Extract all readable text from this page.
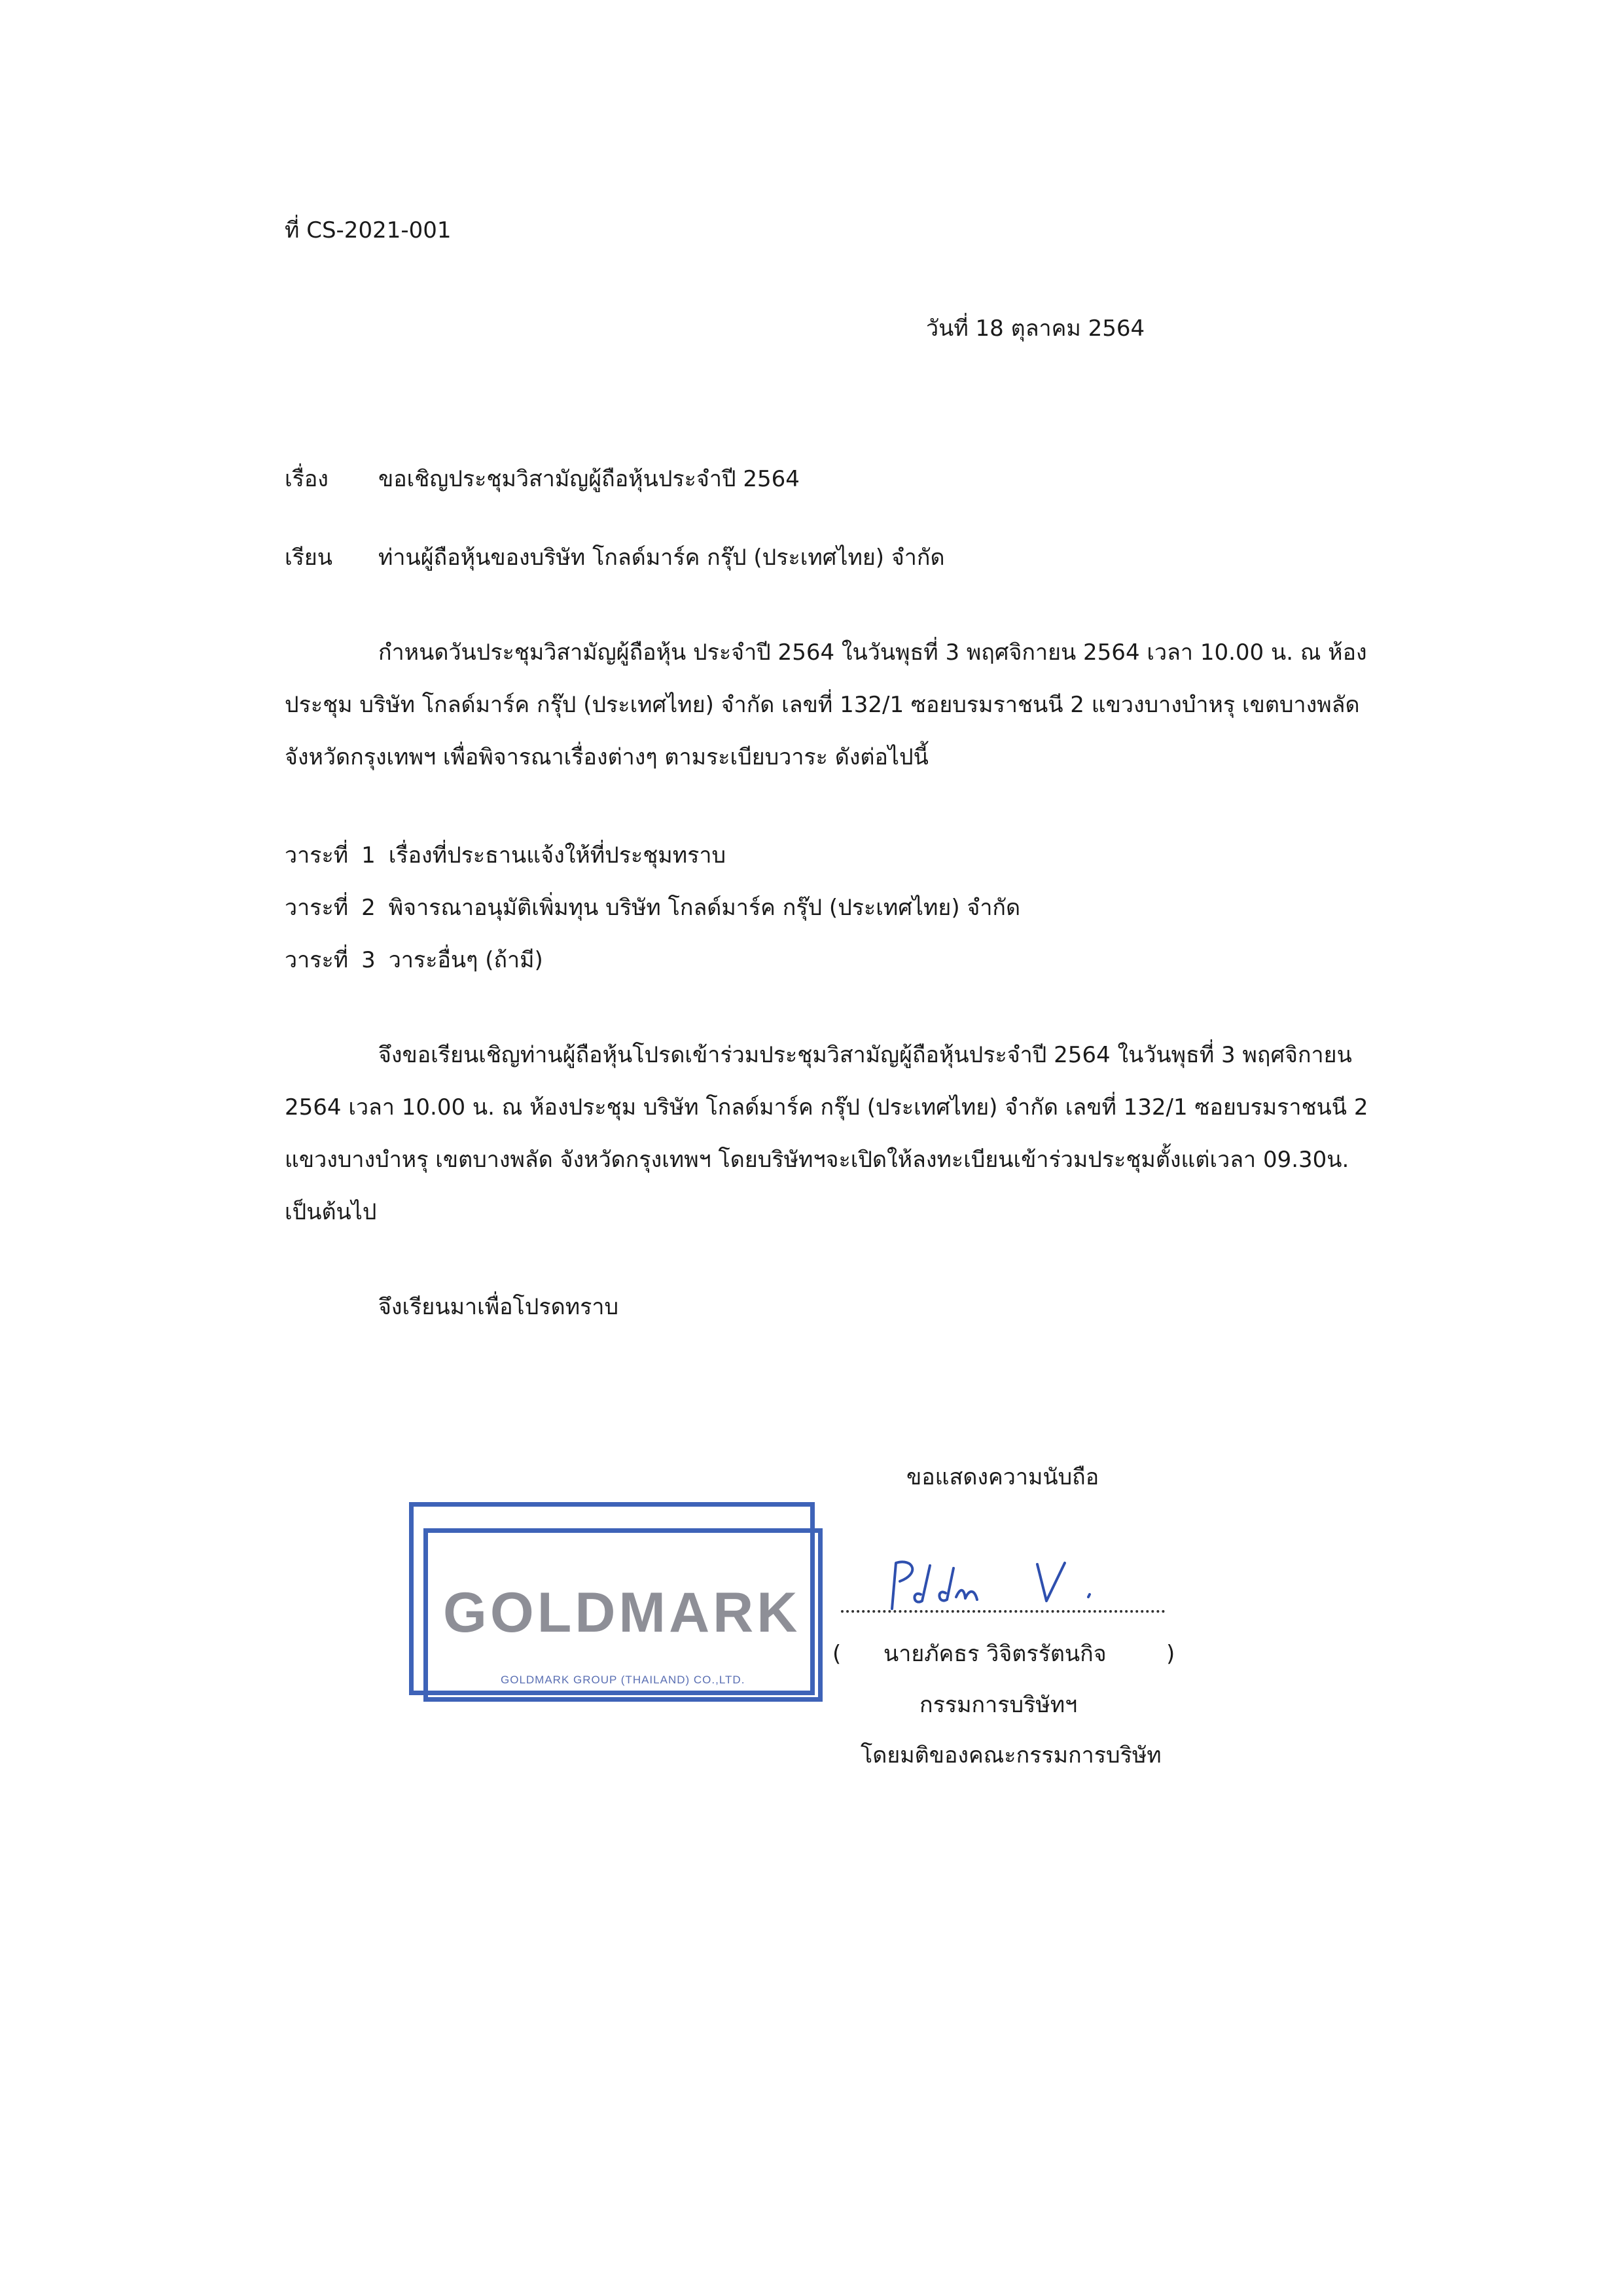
ที่ CS-2021-001
วันที่ 18 ตุลาคม 2564
เรื่อง ขอเชิญประชุมวิสามัญผู้ถือหุ้นประจำปี 2564
เรียน ท่านผู้ถือหุ้นของบริษัท โกลด์มาร์ค กรุ๊ป (ประเทศไทย) จำกัด
กำหนดวันประชุมวิสามัญผู้ถือหุ้น ประจำปี 2564 ในวันพุธที่ 3 พฤศจิกายน 2564 เวลา 10.00 น. ณ ห้อง
ประชุม บริษัท โกลด์มาร์ค กรุ๊ป (ประเทศไทย) จำกัด เลขที่ 132/1 ซอยบรมราชนนี 2 แขวงบางบำหรุ เขตบางพลัด
จังหวัดกรุงเทพฯ เพื่อพิจารณาเรื่องต่างๆ ตามระเบียบวาระ ดังต่อไปนี้
วาระที่ 1 เรื่องที่ประธานแจ้งให้ที่ประชุมทราบ
วาระที่ 2 พิจารณาอนุมัติเพิ่มทุน บริษัท โกลด์มาร์ค กรุ๊ป (ประเทศไทย) จำกัด
วาระที่ 3 วาระอื่นๆ (ถ้ามี)
จึงขอเรียนเชิญท่านผู้ถือหุ้นโปรดเข้าร่วมประชุมวิสามัญผู้ถือหุ้นประจำปี 2564 ในวันพุธที่ 3 พฤศจิกายน
2564 เวลา 10.00 น. ณ ห้องประชุม บริษัท โกลด์มาร์ค กรุ๊ป (ประเทศไทย) จำกัด เลขที่ 132/1 ซอยบรมราชนนี 2
แขวงบางบำหรุ เขตบางพลัด จังหวัดกรุงเทพฯ โดยบริษัทฯจะเปิดให้ลงทะเบียนเข้าร่วมประชุมตั้งแต่เวลา 09.30น.
เป็นต้นไป
จึงเรียนมาเพื่อโปรดทราบ
ขอแสดงความนับถือ
GOLDMARK
GOLDMARK GROUP (THAILAND) CO.,LTD.
( นายภัคธร วิจิตรรัตนกิจ	)
กรรมการบริษัทฯ
โดยมติของคณะกรรมการบริษัท
